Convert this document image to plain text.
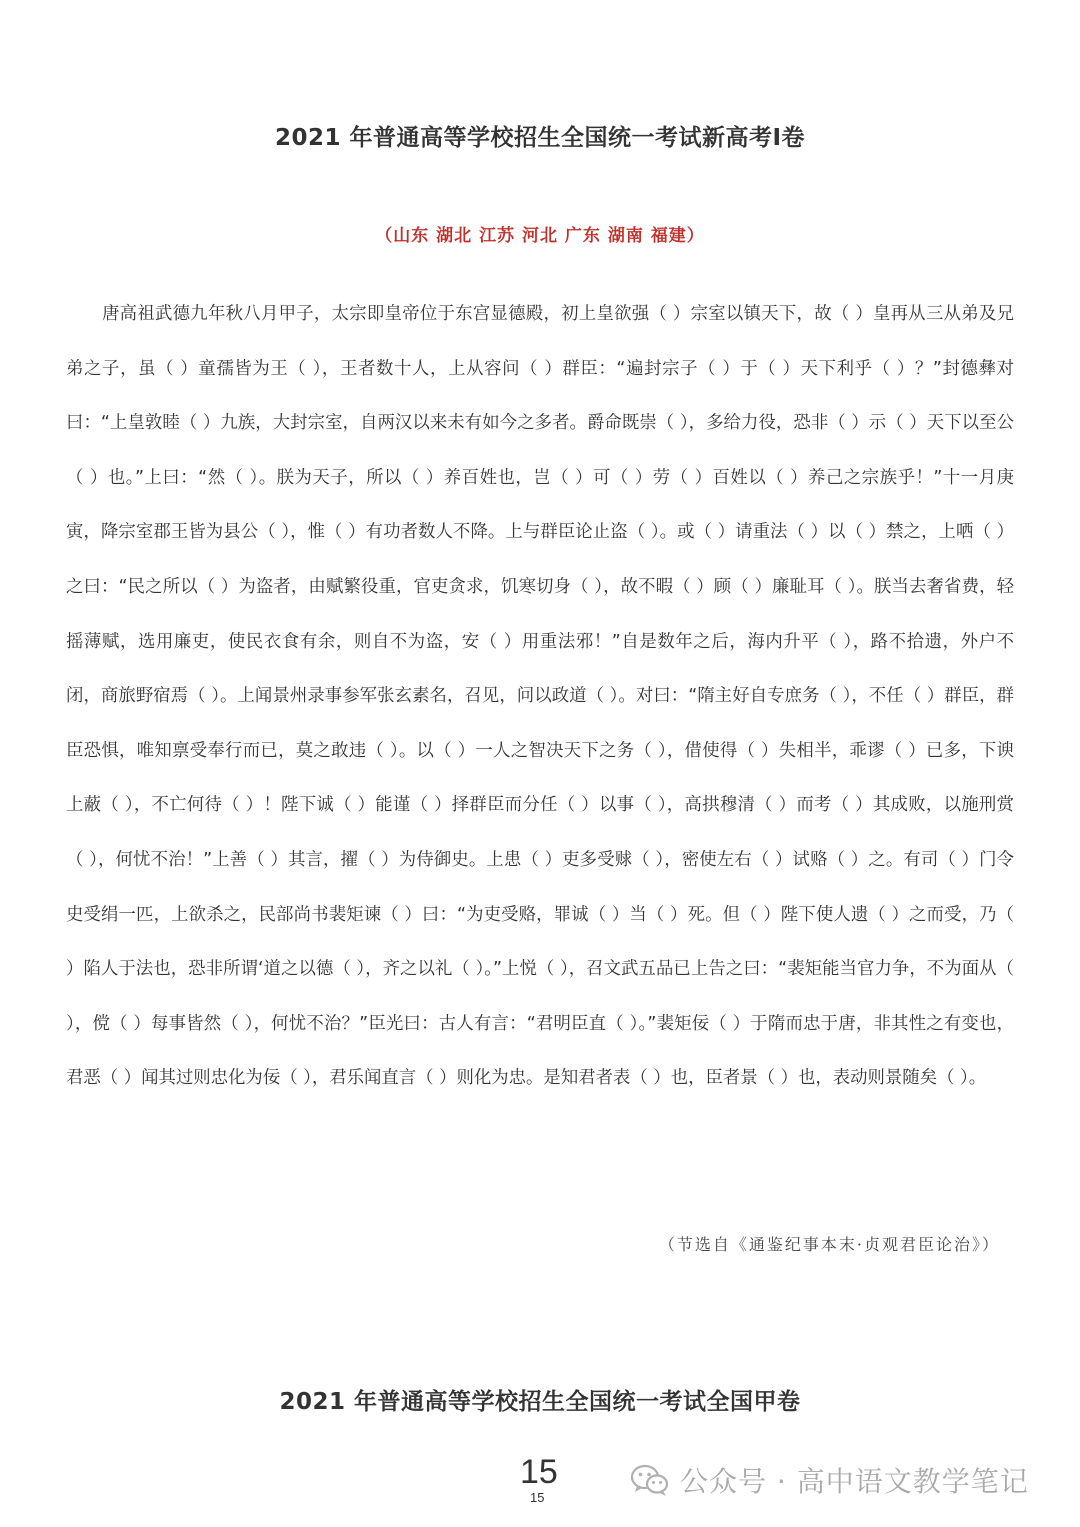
2021 年普通高等学校招生全国统一考试新高考Ⅰ卷

（山东 湖北 江苏 河北 广东 湖南 福建）

唐高祖武德九年秋八月甲子，太宗即皇帝位于东宫显德殿，初上皇欲强（ ）宗室以镇天下，故（ ）皇再从三从弟及兄弟之子，虽（ ）童孺皆为王（ ），王者数十人，上从容问（ ）群臣：“遍封宗子（ ）于（ ）天下利乎（ ）？”封德彝对曰：“上皇敦睦（ ）九族，大封宗室，自两汉以来未有如今之多者。爵命既崇（ ），多给力役，恐非（ ）示（ ）天下以至公（ ）也。”上曰：“然（ ）。朕为天子，所以（ ）养百姓也，岂（ ）可（ ）劳（ ）百姓以（ ）养己之宗族乎！”十一月庚寅，降宗室郡王皆为县公（ ），惟（ ）有功者数人不降。上与群臣论止盗（ ）。或（ ）请重法（ ）以（ ）禁之，上哂（ ）之曰：“民之所以（ ）为盗者，由赋繁役重，官吏贪求，饥寒切身（ ），故不暇（ ）顾（ ）廉耻耳（ ）。朕当去奢省费，轻摇薄赋，选用廉吏，使民衣食有余，则自不为盗，安（ ）用重法邪！”自是数年之后，海内升平（ ），路不拾遗，外户不闭，商旅野宿焉（ ）。上闻景州录事参军张玄素名，召见，问以政道（ ）。对曰：“隋主好自专庶务（ ），不任（ ）群臣，群臣恐惧，唯知禀受奉行而已，莫之敢违（ ）。以（ ）一人之智决天下之务（ ），借使得（ ）失相半，乖谬（ ）已多，下谀上蔽（ ），不亡何待（ ）！陛下诚（ ）能谨（ ）择群臣而分任（ ）以事（ ），高拱穆清（ ）而考（ ）其成败，以施刑赏（ ），何忧不治！”上善（ ）其言，擢（ ）为侍御史。上患（ ）吏多受赇（ ），密使左右（ ）试赂（ ）之。有司（ ）门令史受绢一匹，上欲杀之，民部尚书裴矩谏（ ）曰：“为吏受赂，罪诚（ ）当（ ）死。但（ ）陛下使人遗（ ）之而受，乃（ ）陷人于法也，恐非所谓‘道之以德（ ），齐之以礼（ ）。”上悦（ ），召文武五品已上告之曰：“裴矩能当官力争，不为面从（ ），傥（ ）每事皆然（ ），何忧不治？”臣光曰：古人有言：“君明臣直（ ）。”裴矩佞（ ）于隋而忠于唐，非其性之有变也，君恶（ ）闻其过则忠化为佞（ ），君乐闻直言（ ）则化为忠。是知君者表（ ）也，臣者景（ ）也，表动则景随矣（ ）。

（节选自《通鉴纪事本末·贞观君臣论治》）

2021 年普通高等学校招生全国统一考试全国甲卷
15
15	公众号 · 高中语文教学笔记
